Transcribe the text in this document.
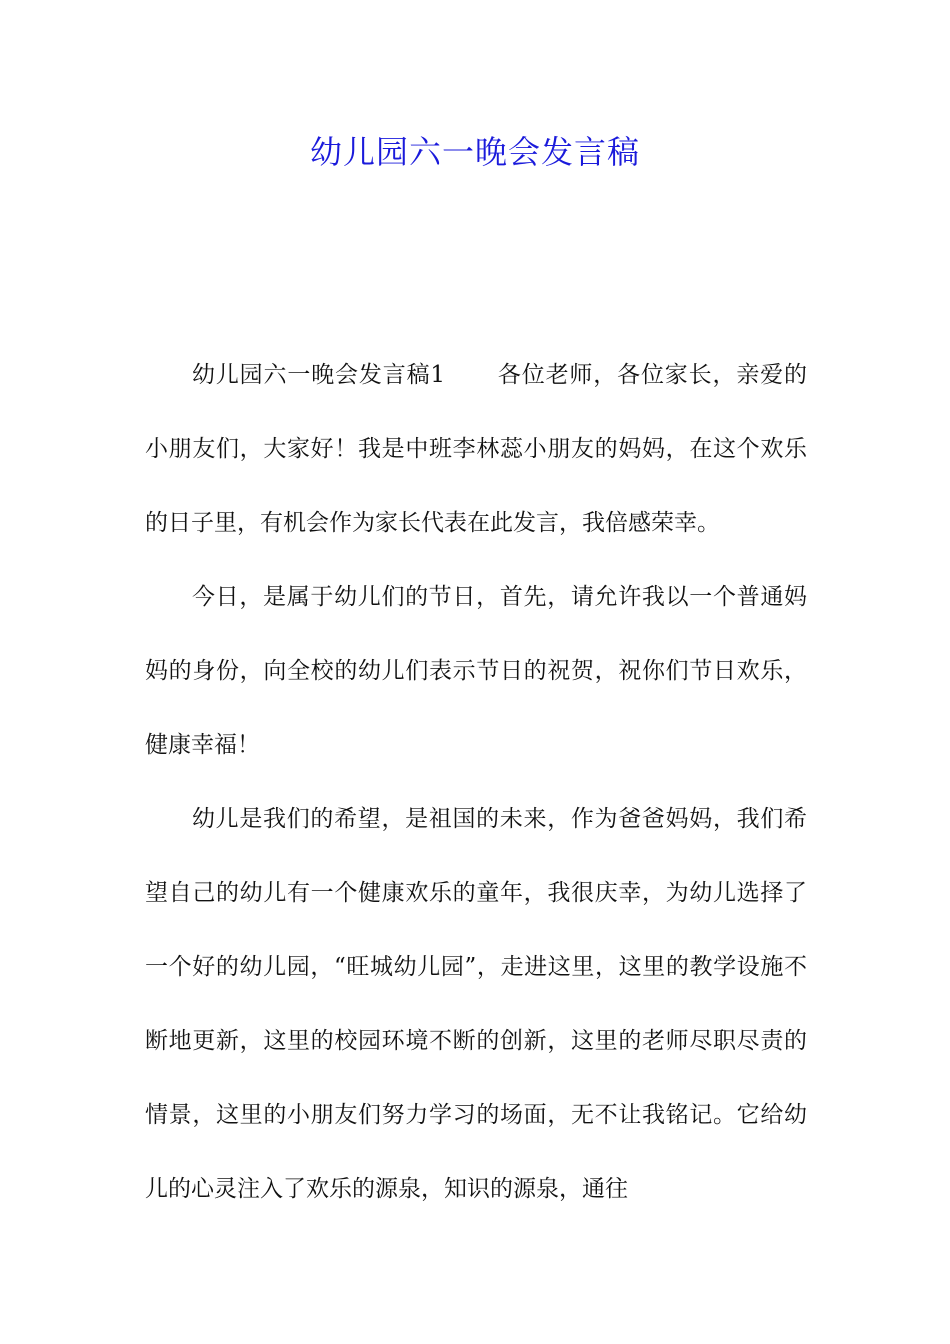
幼儿园六一晚会发言稿

幼儿园六一晚会发言稿1 各位老师，各位家长，亲爱的小朋友们，大家好！我是中班李林蕊小朋友的妈妈，在这个欢乐的日子里，有机会作为家长代表在此发言，我倍感荣幸。

今日，是属于幼儿们的节日，首先，请允许我以一个普通妈妈的身份，向全校的幼儿们表示节日的祝贺，祝你们节日欢乐，健康幸福！

幼儿是我们的希望，是祖国的未来，作为爸爸妈妈，我们希望自己的幼儿有一个健康欢乐的童年，我很庆幸，为幼儿选择了一个好的幼儿园，“旺城幼儿园”，走进这里，这里的教学设施不断地更新，这里的校园环境不断的创新，这里的老师尽职尽责的情景，这里的小朋友们努力学习的场面，无不让我铭记。它给幼儿的心灵注入了欢乐的源泉，知识的源泉，通往
